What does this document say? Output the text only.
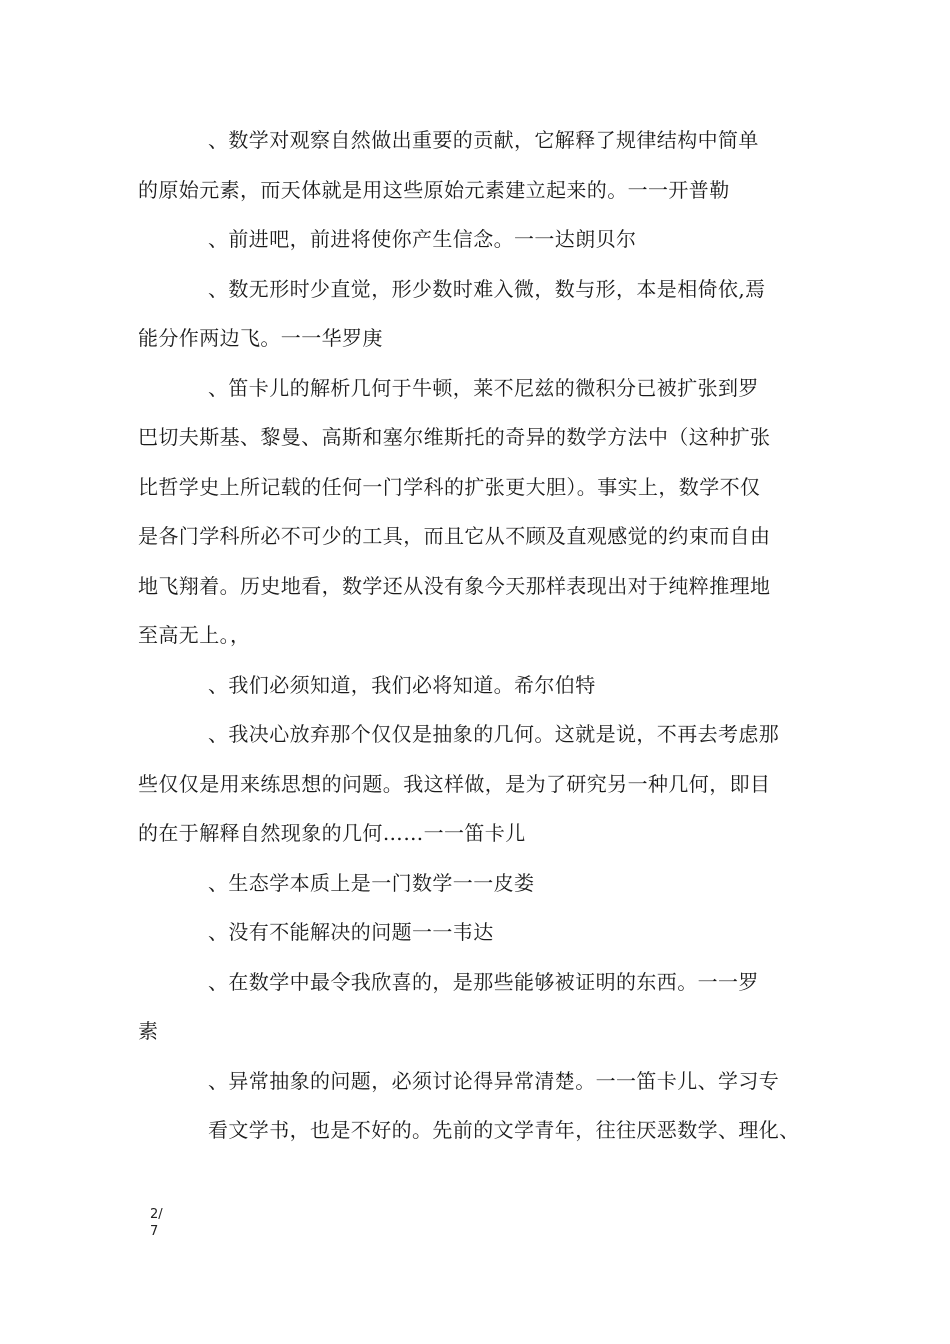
、数学对观察自然做出重要的贡献，它解释了规律结构中简单
的原始元素，而天体就是用这些原始元素建立起来的。一一开普勒
、前进吧，前进将使你产生信念。一一达朗贝尔
、数无形时少直觉，形少数时难入微，数与形，本是相倚依,焉
能分作两边飞。一一华罗庚
、笛卡儿的解析几何于牛顿，莱不尼兹的微积分已被扩张到罗
巴切夫斯基、黎曼、高斯和塞尔维斯托的奇异的数学方法中（这种扩张
比哲学史上所记载的任何一门学科的扩张更大胆）。事实上，数学不仅
是各门学科所必不可少的工具，而且它从不顾及直观感觉的约束而自由
地飞翔着。历史地看，数学还从没有象今天那样表现出对于纯粹推理地
至高无上。，
、我们必须知道，我们必将知道。希尔伯特
、我决心放弃那个仅仅是抽象的几何。这就是说，不再去考虑那
些仅仅是用来练思想的问题。我这样做，是为了研究另一种几何，即目
的在于解释自然现象的几何……一一笛卡儿
、生态学本质上是一门数学一一皮娄
、没有不能解决的问题一一韦达
、在数学中最令我欣喜的，是那些能够被证明的东西。一一罗
素
、异常抽象的问题，必须讨论得异常清楚。一一笛卡儿、学习专
看文学书，也是不好的。先前的文学青年，往往厌恶数学、理化、
2/
7
